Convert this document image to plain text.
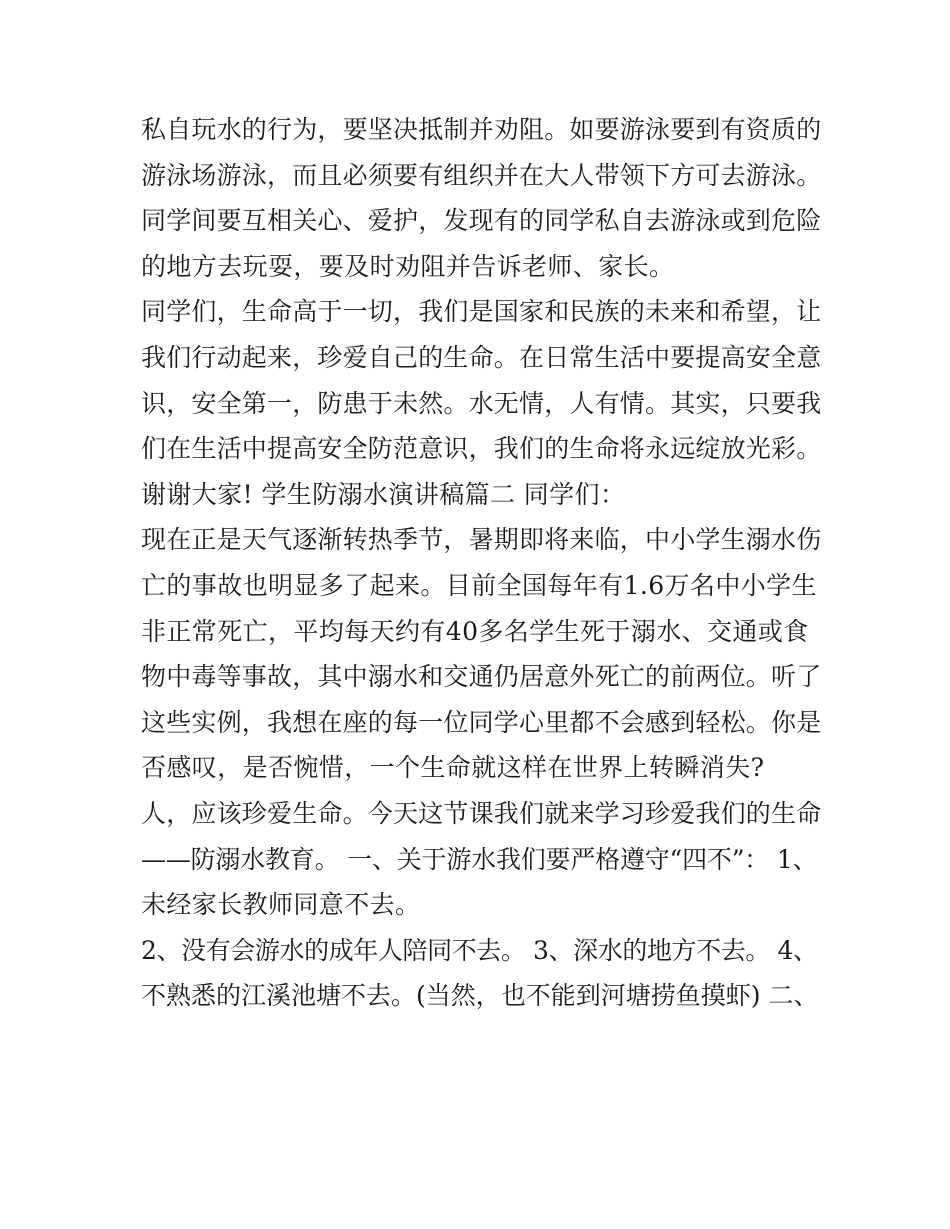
私自玩水的行为，要坚决抵制并劝阻。如要游泳要到有资质的
游泳场游泳，而且必须要有组织并在大人带领下方可去游泳。
同学间要互相关心、爱护，发现有的同学私自去游泳或到危险
的地方去玩耍，要及时劝阻并告诉老师、家长。
同学们，生命高于一切，我们是国家和民族的未来和希望，让
我们行动起来，珍爱自己的生命。在日常生活中要提高安全意
识，安全第一，防患于未然。水无情，人有情。其实，只要我
们在生活中提高安全防范意识，我们的生命将永远绽放光彩。
谢谢大家! 学生防溺水演讲稿篇二 同学们：
现在正是天气逐渐转热季节，暑期即将来临，中小学生溺水伤
亡的事故也明显多了起来。目前全国每年有1.6万名中小学生
非正常死亡，平均每天约有40多名学生死于溺水、交通或食
物中毒等事故，其中溺水和交通仍居意外死亡的前两位。听了
这些实例，我想在座的每一位同学心里都不会感到轻松。你是
否感叹，是否惋惜，一个生命就这样在世界上转瞬消失?
人，应该珍爱生命。今天这节课我们就来学习珍爱我们的生命
——防溺水教育。 一、关于游水我们要严格遵守“四不”： 1、
未经家长教师同意不去。
2、没有会游水的成年人陪同不去。 3、深水的地方不去。 4、
不熟悉的江溪池塘不去。(当然，也不能到河塘捞鱼摸虾) 二、
